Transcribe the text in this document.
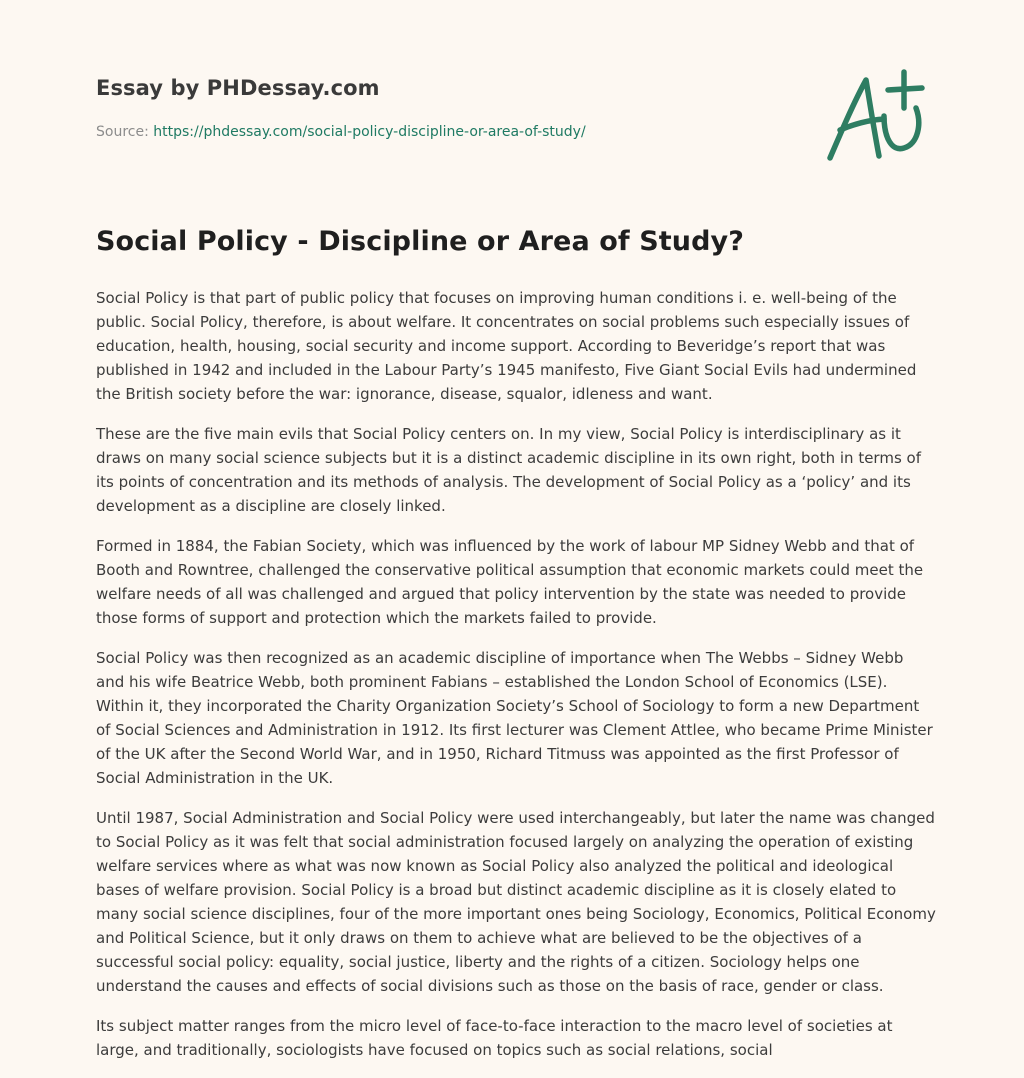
Essay by PHDessay.com

Source: https://phdessay.com/social-policy-discipline-or-area-of-study/

Social Policy - Discipline or Area of Study?

Social Policy is that part of public policy that focuses on improving human conditions i. e. well-being of the public. Social Policy, therefore, is about welfare. It concentrates on social problems such especially issues of education, health, housing, social security and income support. According to Beveridge’s report that was published in 1942 and included in the Labour Party’s 1945 manifesto, Five Giant Social Evils had undermined the British society before the war: ignorance, disease, squalor, idleness and want.

These are the five main evils that Social Policy centers on. In my view, Social Policy is interdisciplinary as it draws on many social science subjects but it is a distinct academic discipline in its own right, both in terms of its points of concentration and its methods of analysis. The development of Social Policy as a ‘policy’ and its development as a discipline are closely linked.

Formed in 1884, the Fabian Society, which was influenced by the work of labour MP Sidney Webb and that of Booth and Rowntree, challenged the conservative political assumption that economic markets could meet the welfare needs of all was challenged and argued that policy intervention by the state was needed to provide those forms of support and protection which the markets failed to provide.

Social Policy was then recognized as an academic discipline of importance when The Webbs – Sidney Webb and his wife Beatrice Webb, both prominent Fabians – established the London School of Economics (LSE). Within it, they incorporated the Charity Organization Society’s School of Sociology to form a new Department of Social Sciences and Administration in 1912. Its first lecturer was Clement Attlee, who became Prime Minister of the UK after the Second World War, and in 1950, Richard Titmuss was appointed as the first Professor of Social Administration in the UK.

Until 1987, Social Administration and Social Policy were used interchangeably, but later the name was changed to Social Policy as it was felt that social administration focused largely on analyzing the operation of existing welfare services where as what was now known as Social Policy also analyzed the political and ideological bases of welfare provision. Social Policy is a broad but distinct academic discipline as it is closely elated to many social science disciplines, four of the more important ones being Sociology, Economics, Political Economy and Political Science, but it only draws on them to achieve what are believed to be the objectives of a successful social policy: equality, social justice, liberty and the rights of a citizen. Sociology helps one understand the causes and effects of social divisions such as those on the basis of race, gender or class.

Its subject matter ranges from the micro level of face-to-face interaction to the macro level of societies at large, and traditionally, sociologists have focused on topics such as social relations, social
